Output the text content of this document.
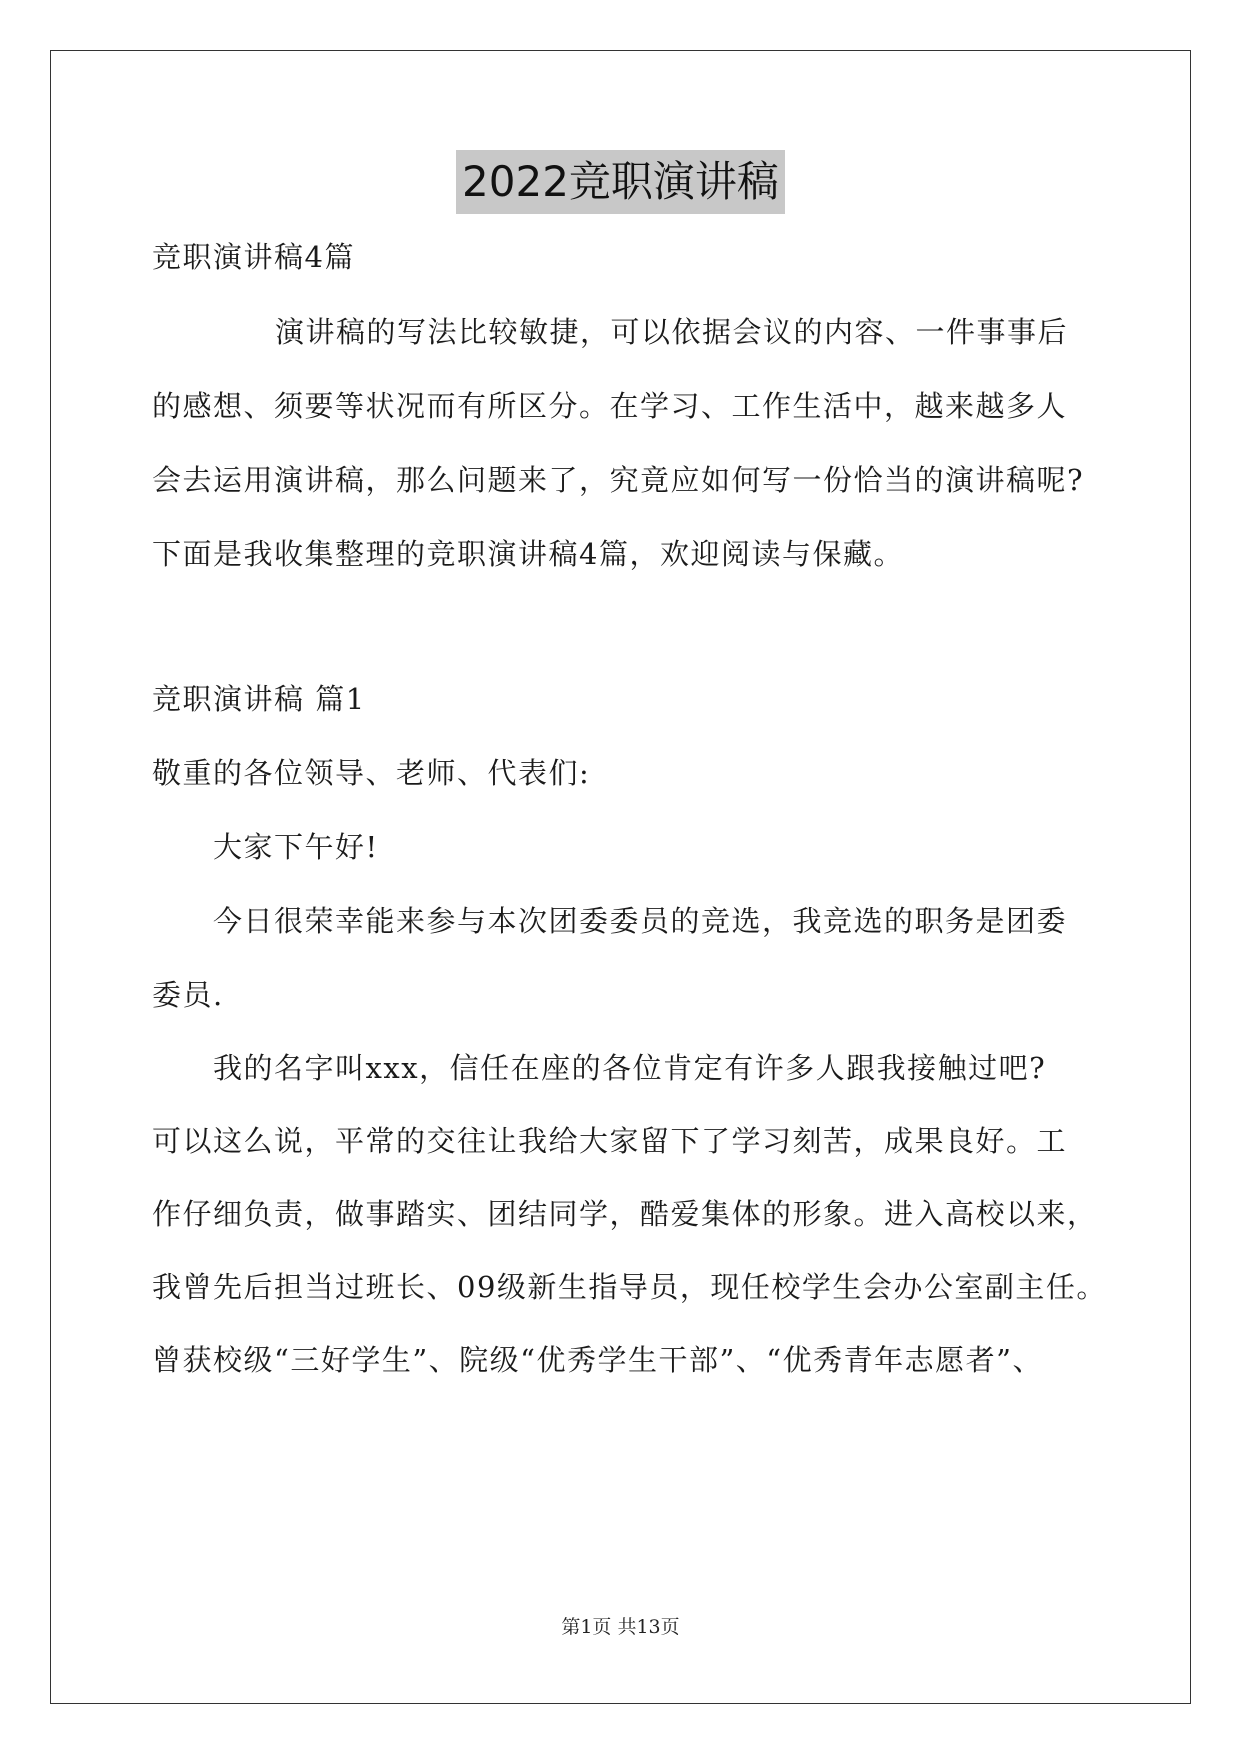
2022竞职演讲稿
竞职演讲稿4篇
演讲稿的写法比较敏捷，可以依据会议的内容、一件事事后
的感想、须要等状况而有所区分。在学习、工作生活中，越来越多人
会去运用演讲稿，那么问题来了，究竟应如何写一份恰当的演讲稿呢?
下面是我收集整理的竞职演讲稿4篇，欢迎阅读与保藏。
竞职演讲稿 篇1
敬重的各位领导、老师、代表们:
大家下午好!
今日很荣幸能来参与本次团委委员的竞选，我竞选的职务是团委
委员.
我的名字叫xxx，信任在座的各位肯定有许多人跟我接触过吧?
可以这么说，平常的交往让我给大家留下了学习刻苦，成果良好。工
作仔细负责，做事踏实、团结同学，酷爱集体的形象。进入高校以来，
我曾先后担当过班长、09级新生指导员，现任校学生会办公室副主任。
曾获校级“三好学生”、院级“优秀学生干部”、“优秀青年志愿者”、
第1页 共13页
